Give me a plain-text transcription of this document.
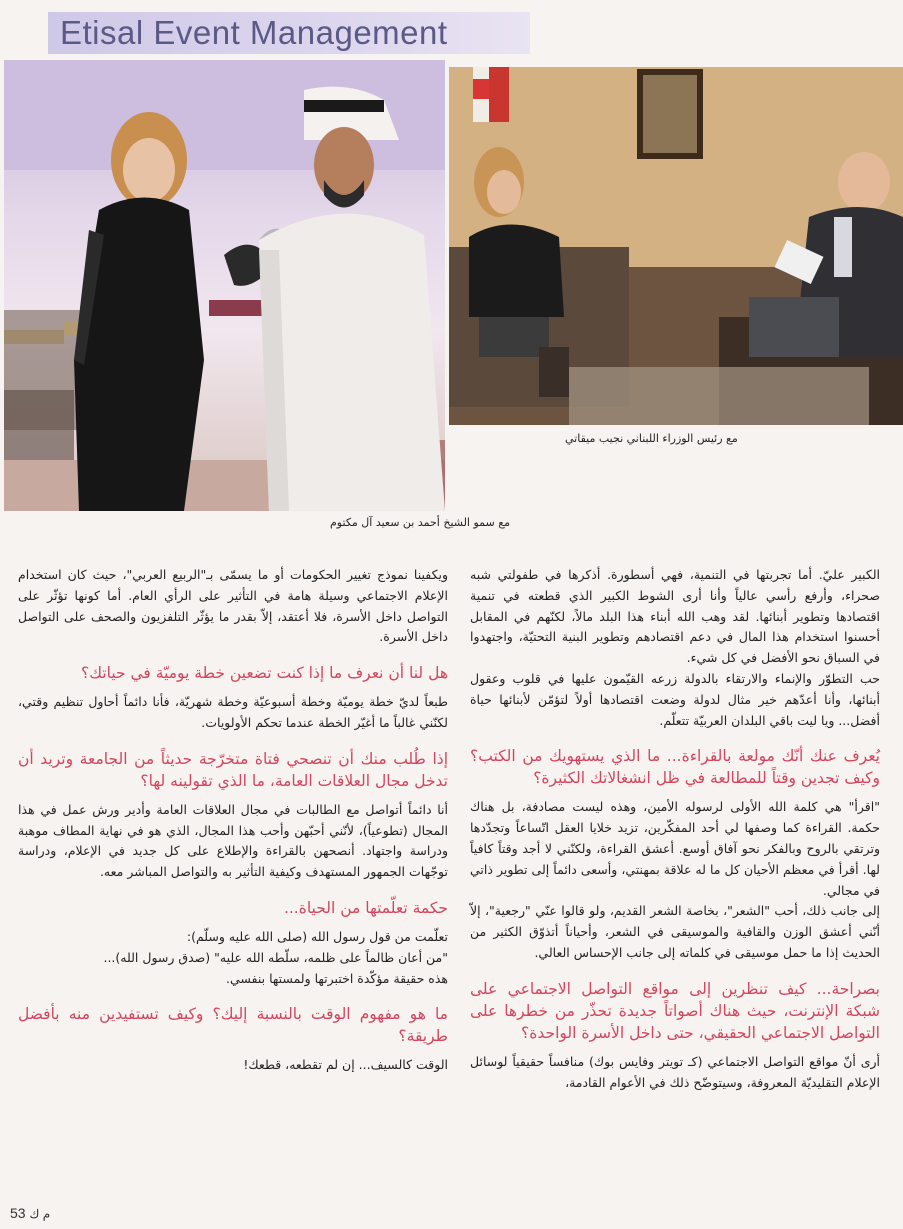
Etisal Event Management
مع سمو الشيخ أحمد بن سعيد آل مكتوم
مع رئيس الوزراء اللبناني نجيب ميقاتي

الكبير عليّ. أما تجربتها في التنمية، فهي أسطورة. أذكرها في طفولتي شبه صحراء، وأرفع رأسي عالياً وأنا أرى الشوط الكبير الذي قطعته في تنمية اقتصادها وتطوير أبنائها. لقد وهب الله أبناء هذا البلد مالاً، لكنّهم في المقابل أحسنوا استخدام هذا المال في دعم اقتصادهم وتطوير البنية التحتيّة، واجتهدوا في السباق نحو الأفضل في كل شيء.

حب التطوّر والإنماء والارتقاء بالدولة زرعه القيّمون عليها في قلوب وعقول أبنائها، وأنا أعدّهم خير مثال لدولة وضعت اقتصادها أولاً لتؤمّن لأبنائها حياة أفضل... ويا ليت باقي البلدان العربيّة تتعلّم.

يُعرف عنك أنّك مولعة بالقراءة... ما الذي يستهويك من الكتب؟ وكيف تجدين وقتاً للمطالعة في ظل انشغالاتك الكثيرة؟

"اقرأ" هي كلمة الله الأولى لرسوله الأمين، وهذه ليست مصادفة، بل هناك حكمة. القراءة كما وصفها لي أحد المفكّرين، تزيد خلايا العقل اتّساعاً وتجدّدها وترتقي بالروح وبالفكر نحو آفاق أوسع. أعشق القراءة، ولكنّني لا أجد وقتاً كافياً لها. أقرأ في معظم الأحيان كل ما له علاقة بمهنتي، وأسعى دائماً إلى تطوير ذاتي في مجالي.

إلى جانب ذلك، أحب "الشعر"، بخاصة الشعر القديم، ولو قالوا عنّي "رجعية"، إلاّ أنّني أعشق الوزن والقافية والموسيقى في الشعر، وأحياناً أتذوّق الكثير من الحديث إذا ما حمل موسيقى في كلماته إلى جانب الإحساس العالي.

بصراحة... كيف تنظرين إلى مواقع التواصل الاجتماعي على شبكة الإنترنت، حيث هناك أصواتاً جديدة تحذّر من خطرها على التواصل الاجتماعي الحقيقي، حتى داخل الأسرة الواحدة؟

أرى أنّ مواقع التواصل الاجتماعي (كـ تويتر وفايس بوك) منافساً حقيقياً لوسائل الإعلام التقليديّة المعروفة، وسيتوضّح ذلك في الأعوام القادمة،

ويكفينا نموذج تغيير الحكومات أو ما يسمّى بـ"الربيع العربي"، حيث كان استخدام الإعلام الاجتماعي وسيلة هامة في التأثير على الرأي العام. أما كونها تؤثّر على التواصل داخل الأسرة، فلا أعتقد، إلاّ بقدر ما يؤثّر التلفزيون والصحف على التواصل داخل الأسرة.

هل لنا أن نعرف ما إذا كنت تضعين خطة يوميّة في حياتك؟

طبعاً لديّ خطة يوميّة وخطة أسبوعيّة وخطة شهريّة، فأنا دائماً أحاول تنظيم وقتي، لكنّني غالباً ما أغيّر الخطة عندما تحكم الأولويات.

إذا طُلب منك أن تنصحي فتاة متخرّجة حديثاً من الجامعة وتريد أن تدخل مجال العلاقات العامة، ما الذي تقولينه لها؟

أنا دائماً أتواصل مع الطالبات في مجال العلاقات العامة وأدير ورش عمل في هذا المجال (تطوعياً)، لأنّني أحبّهن وأحب هذا المجال، الذي هو في نهاية المطاف موهبة ودراسة واجتهاد. أنصحهن بالقراءة والإطلاع على كل جديد في الإعلام، ودراسة توجّهات الجمهور المستهدف وكيفية التأثير به والتواصل المباشر معه.

حكمة تعلّمتها من الحياة...

تعلّمت من قول رسول الله (صلى الله عليه وسلّم):

"من أعان ظالماً على ظلمه، سلّطه الله عليه" (صدق رسول الله)...

هذه حقيقة مؤكّدة اختبرتها ولمستها بنفسي.

ما هو مفهوم الوقت بالنسبة إليك؟ وكيف تستفيدين منه بأفضل طريقة؟

الوقت كالسيف... إن لم تقطعه، قطعك!

53 م ك
